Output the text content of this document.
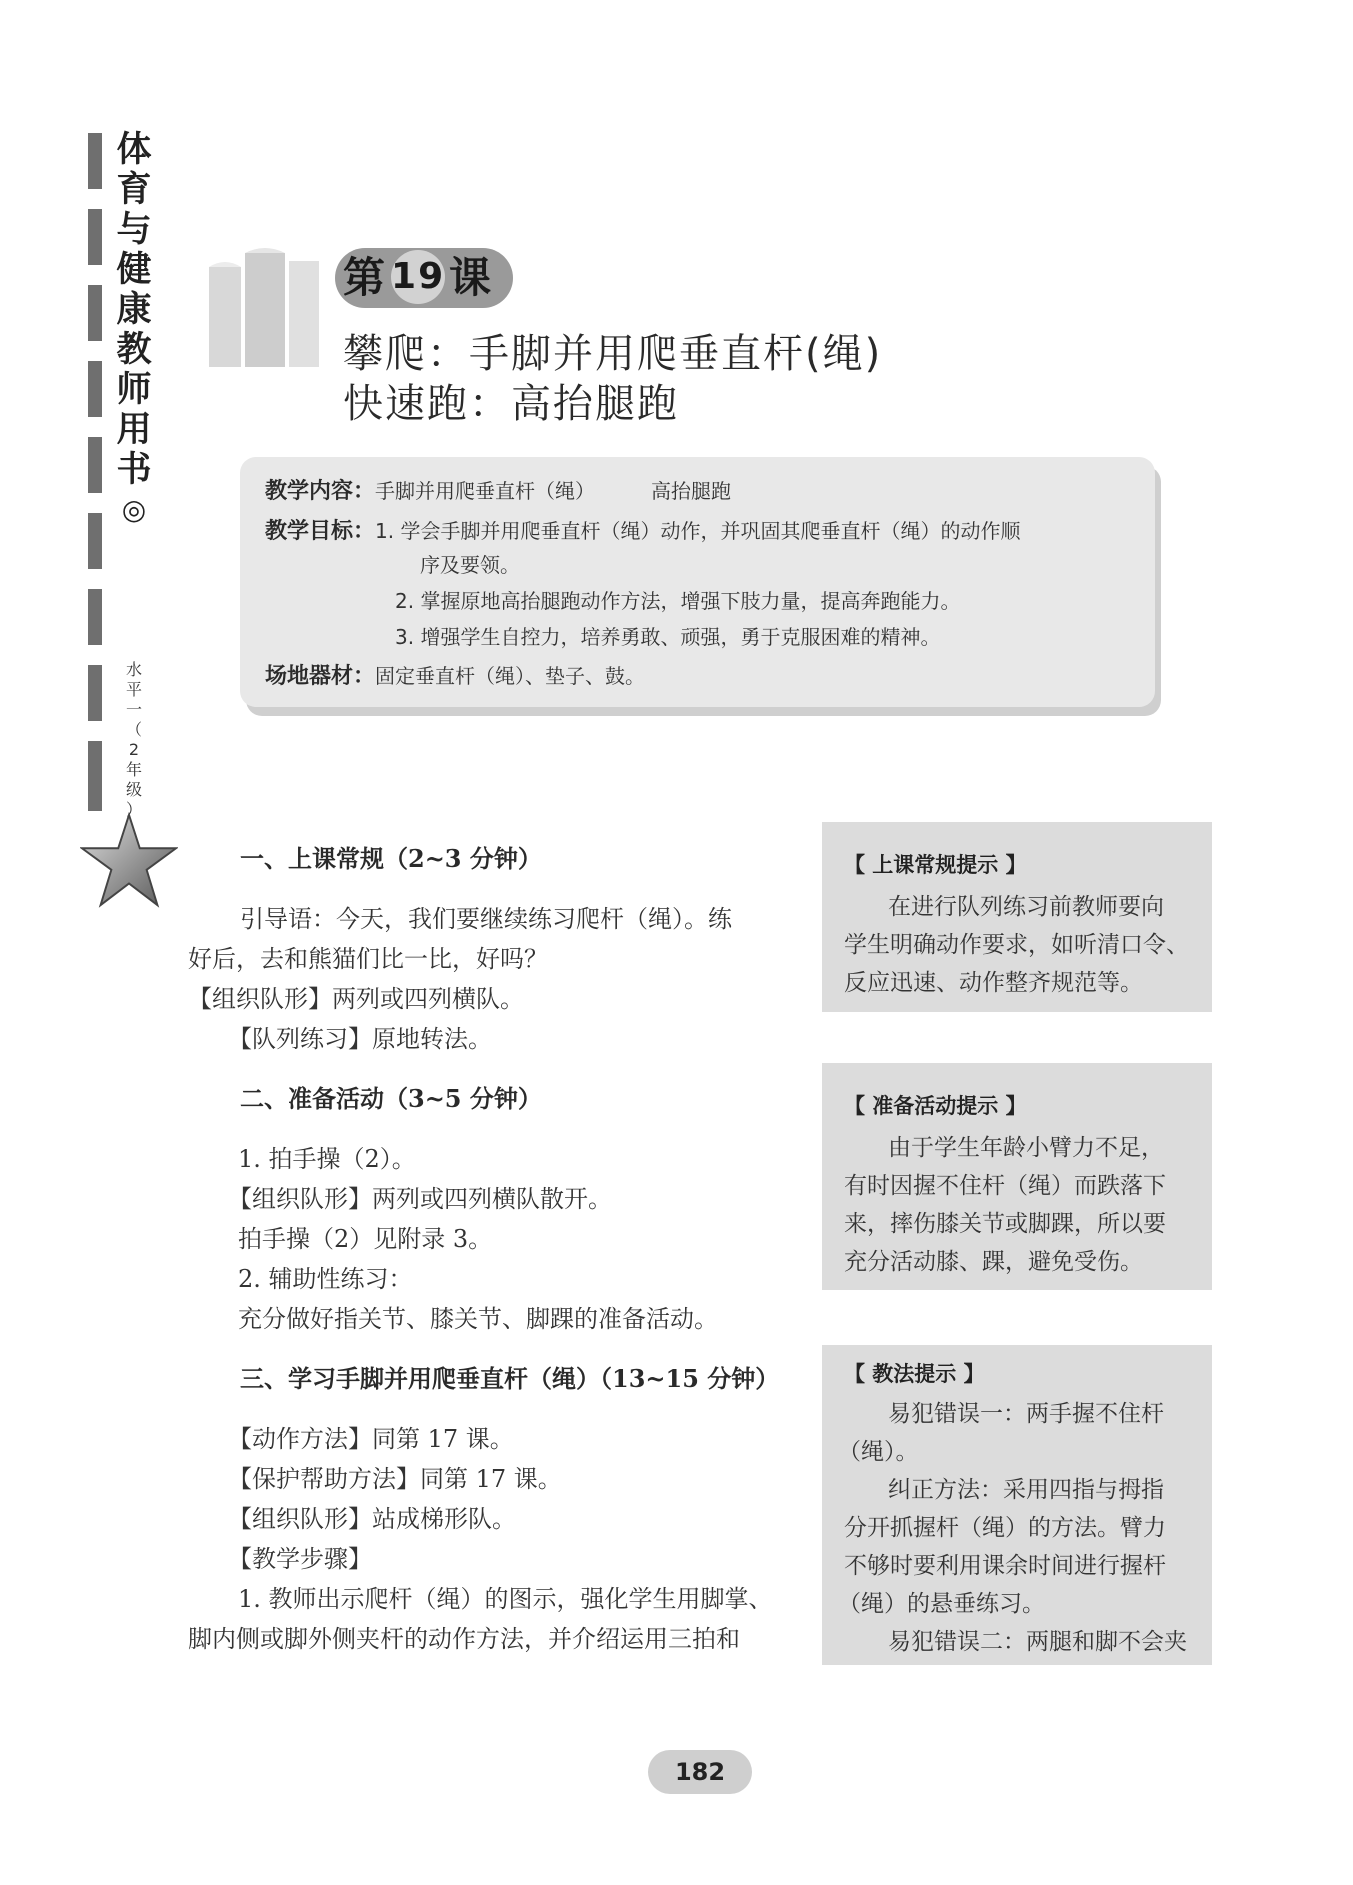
体
育
与
健
康
教
师
用
书
◎
水
平
一
（
2
年
级
）
第 19课
攀爬：手脚并用爬垂直杆(绳)
快速跑：高抬腿跑
教学内容：手脚并用爬垂直杆（绳）	高抬腿跑
教学目标：1. 学会手脚并用爬垂直杆（绳）动作，并巩固其爬垂直杆（绳）的动作顺
序及要领。
2. 掌握原地高抬腿跑动作方法，增强下肢力量，提高奔跑能力。
3. 增强学生自控力，培养勇敢、顽强，勇于克服困难的精神。
场地器材：固定垂直杆（绳）、垫子、鼓。
一、上课常规（2~3 分钟）
引导语：今天，我们要继续练习爬杆（绳）。练
好后，去和熊猫们比一比，好吗？
【组织队形】两列或四列横队。
【队列练习】原地转法。
二、准备活动（3~5 分钟）
1. 拍手操（2）。
【组织队形】两列或四列横队散开。
拍手操（2）见附录 3。
2. 辅助性练习：
充分做好指关节、膝关节、脚踝的准备活动。
三、学习手脚并用爬垂直杆（绳）（13~15 分钟）
【动作方法】同第 17 课。
【保护帮助方法】同第 17 课。
【组织队形】站成梯形队。
【教学步骤】
1. 教师出示爬杆（绳）的图示，强化学生用脚掌、
脚内侧或脚外侧夹杆的动作方法，并介绍运用三拍和
【 上课常规提示 】
在进行队列练习前教师要向
学生明确动作要求，如听清口令、
反应迅速、动作整齐规范等。
【 准备活动提示 】
由于学生年龄小臂力不足，
有时因握不住杆（绳）而跌落下
来，摔伤膝关节或脚踝，所以要
充分活动膝、踝，避免受伤。
【 教法提示 】
易犯错误一：两手握不住杆
（绳）。
纠正方法：采用四指与拇指
分开抓握杆（绳）的方法。臂力
不够时要利用课余时间进行握杆
（绳）的悬垂练习。
易犯错误二：两腿和脚不会夹
182
